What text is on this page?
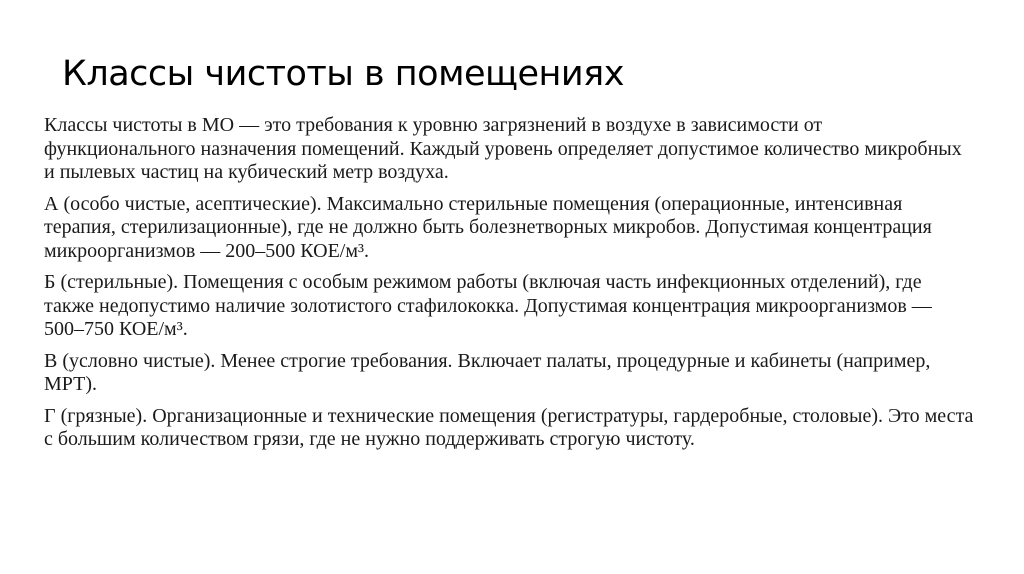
Классы чистоты в помещениях

Классы чистоты в МО — это требования к уровню загрязнений в воздухе в зависимости от функционального назначения помещений. Каждый уровень определяет допустимое количество микробных и пылевых частиц на кубический метр воздуха.

А (особо чистые, асептические). Максимально стерильные помещения (операционные, интенсивная терапия, стерилизационные), где не должно быть болезнетворных микробов. Допустимая концентрация микроорганизмов — 200–500 КОЕ/м³.

Б (стерильные). Помещения с особым режимом работы (включая часть инфекционных отделений), где также недопустимо наличие золотистого стафилококка. Допустимая концентрация микроорганизмов — 500–750 КОЕ/м³.

В (условно чистые). Менее строгие требования. Включает палаты, процедурные и кабинеты (например, МРТ).

Г (грязные). Организационные и технические помещения (регистратуры, гардеробные, столовые). Это места с большим количеством грязи, где не нужно поддерживать строгую чистоту.
